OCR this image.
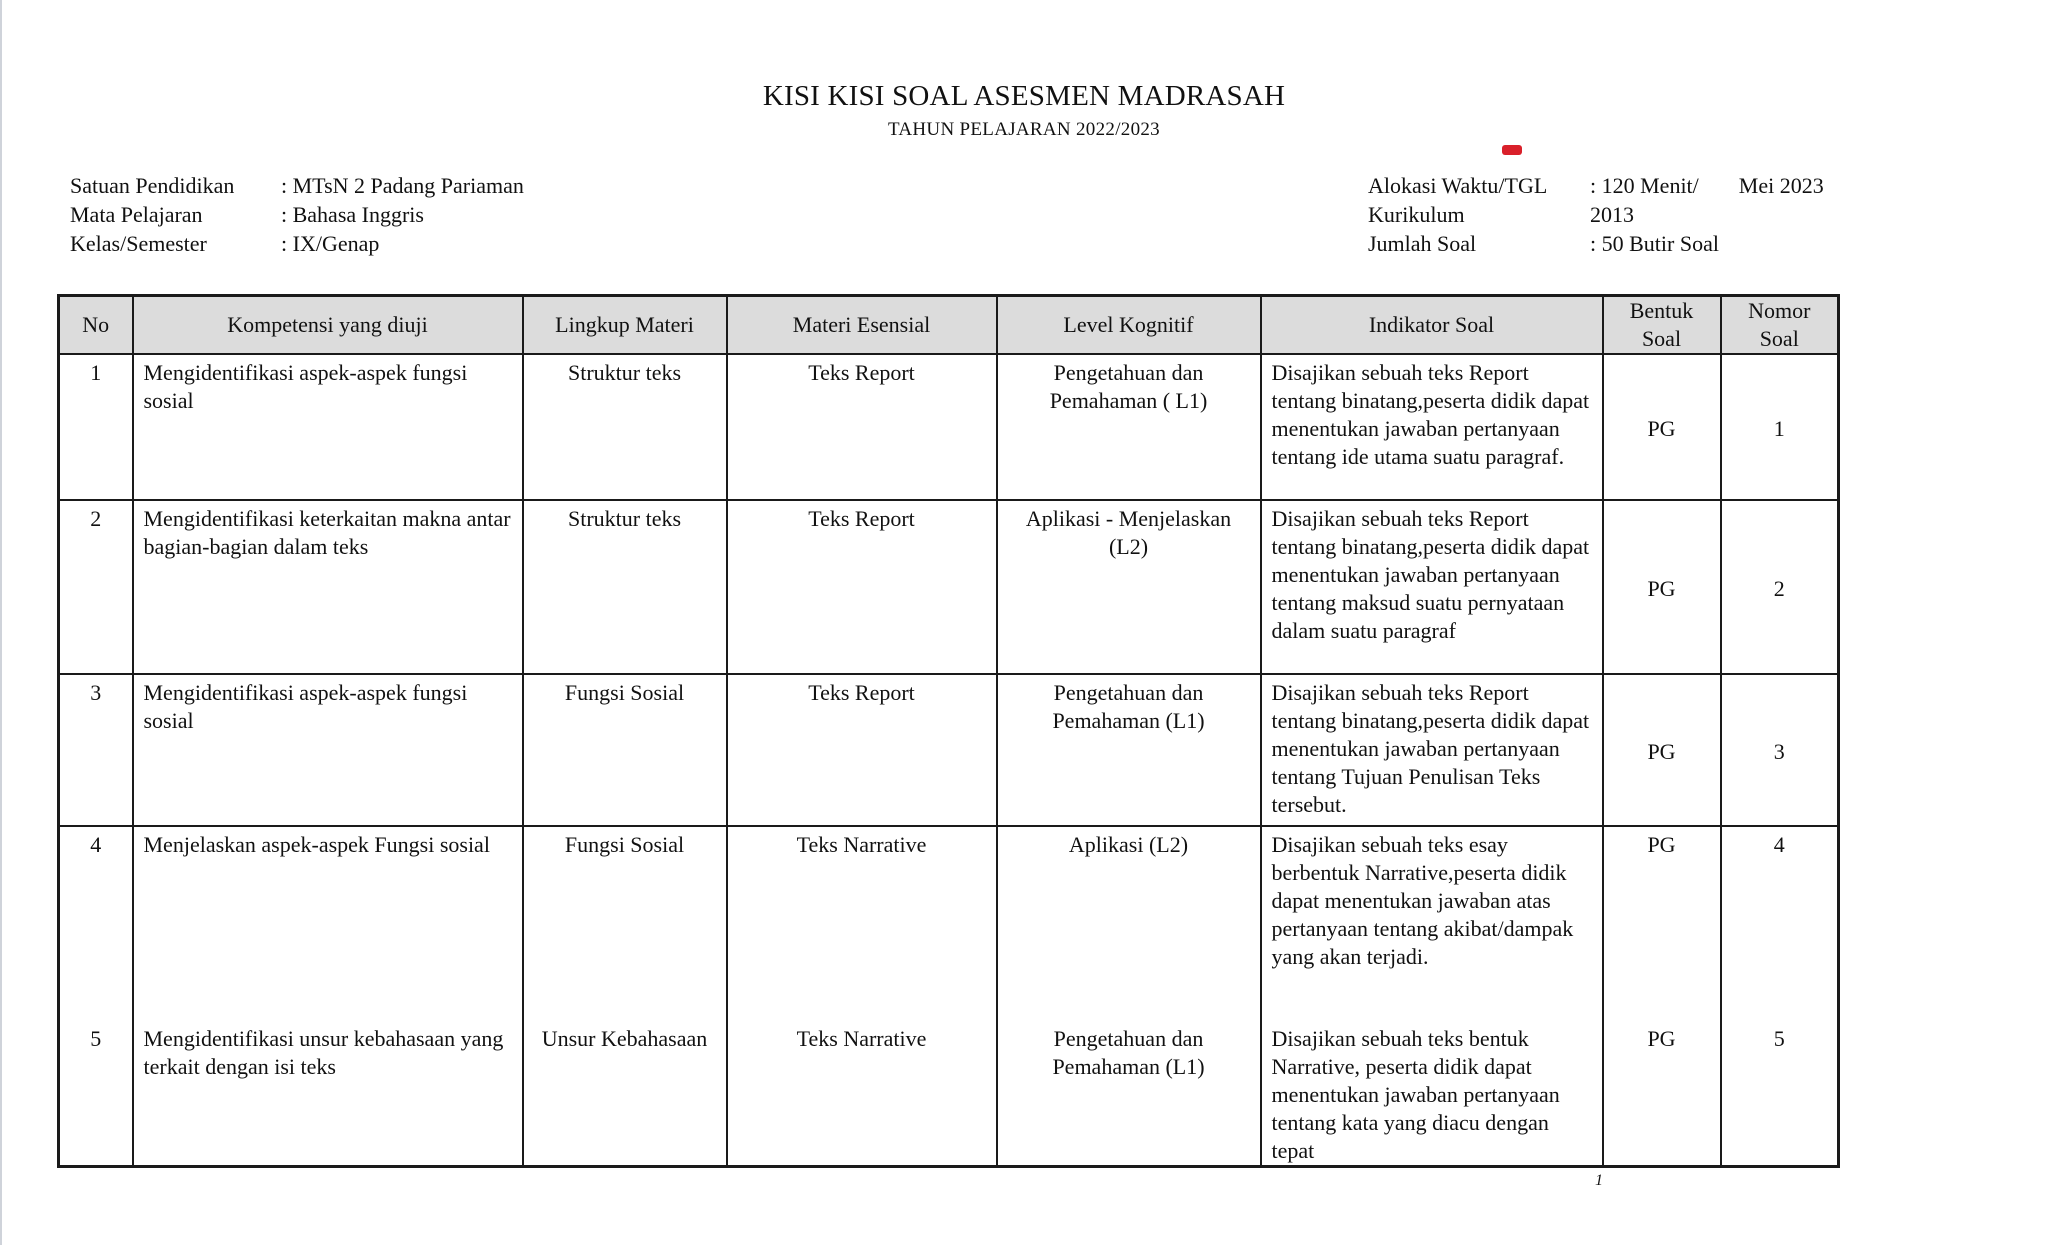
KISI KISI SOAL ASESMEN MADRASAH
TAHUN PELAJARAN 2022/2023
Satuan Pendidikan	: MTsN 2 Padang Pariaman
Mata Pelajaran	: Bahasa Inggris
Kelas/Semester	: IX/Genap
Alokasi Waktu/TGL	: 120 Menit/ Mei 2023
Kurikulum	2013
Jumlah Soal	: 50 Butir Soal
No	Kompetensi yang diuji	Lingkup Materi	Materi Esensial	Level Kognitif	Indikator Soal	Bentuk Soal	Nomor Soal
1	Mengidentifikasi aspek-aspek fungsi sosial	Struktur teks	Teks Report	Pengetahuan dan Pemahaman ( L1)	Disajikan sebuah teks Report tentang binatang,peserta didik dapat menentukan jawaban pertanyaan tentang ide utama suatu paragraf.	PG	1
2	Mengidentifikasi keterkaitan makna antar bagian-bagian dalam teks	Struktur teks	Teks Report	Aplikasi - Menjelaskan (L2)	Disajikan sebuah teks Report tentang binatang,peserta didik dapat menentukan jawaban pertanyaan tentang maksud suatu pernyataan dalam suatu paragraf	PG	2
3	Mengidentifikasi aspek-aspek fungsi sosial	Fungsi Sosial	Teks Report	Pengetahuan dan Pemahaman (L1)	Disajikan sebuah teks Report tentang binatang,peserta didik dapat menentukan jawaban pertanyaan tentang Tujuan Penulisan Teks tersebut.	PG	3
4	Menjelaskan aspek-aspek Fungsi sosial	Fungsi Sosial	Teks Narrative	Aplikasi (L2)	Disajikan sebuah teks esay berbentuk Narrative,peserta didik dapat menentukan jawaban atas pertanyaan tentang akibat/dampak yang akan terjadi.	PG	4
5	Mengidentifikasi unsur kebahasaan yang terkait dengan isi teks	Unsur Kebahasaan	Teks Narrative	Pengetahuan dan Pemahaman (L1)	Disajikan sebuah teks bentuk Narrative, peserta didik dapat menentukan jawaban pertanyaan tentang kata yang diacu dengan tepat	PG	5
1
